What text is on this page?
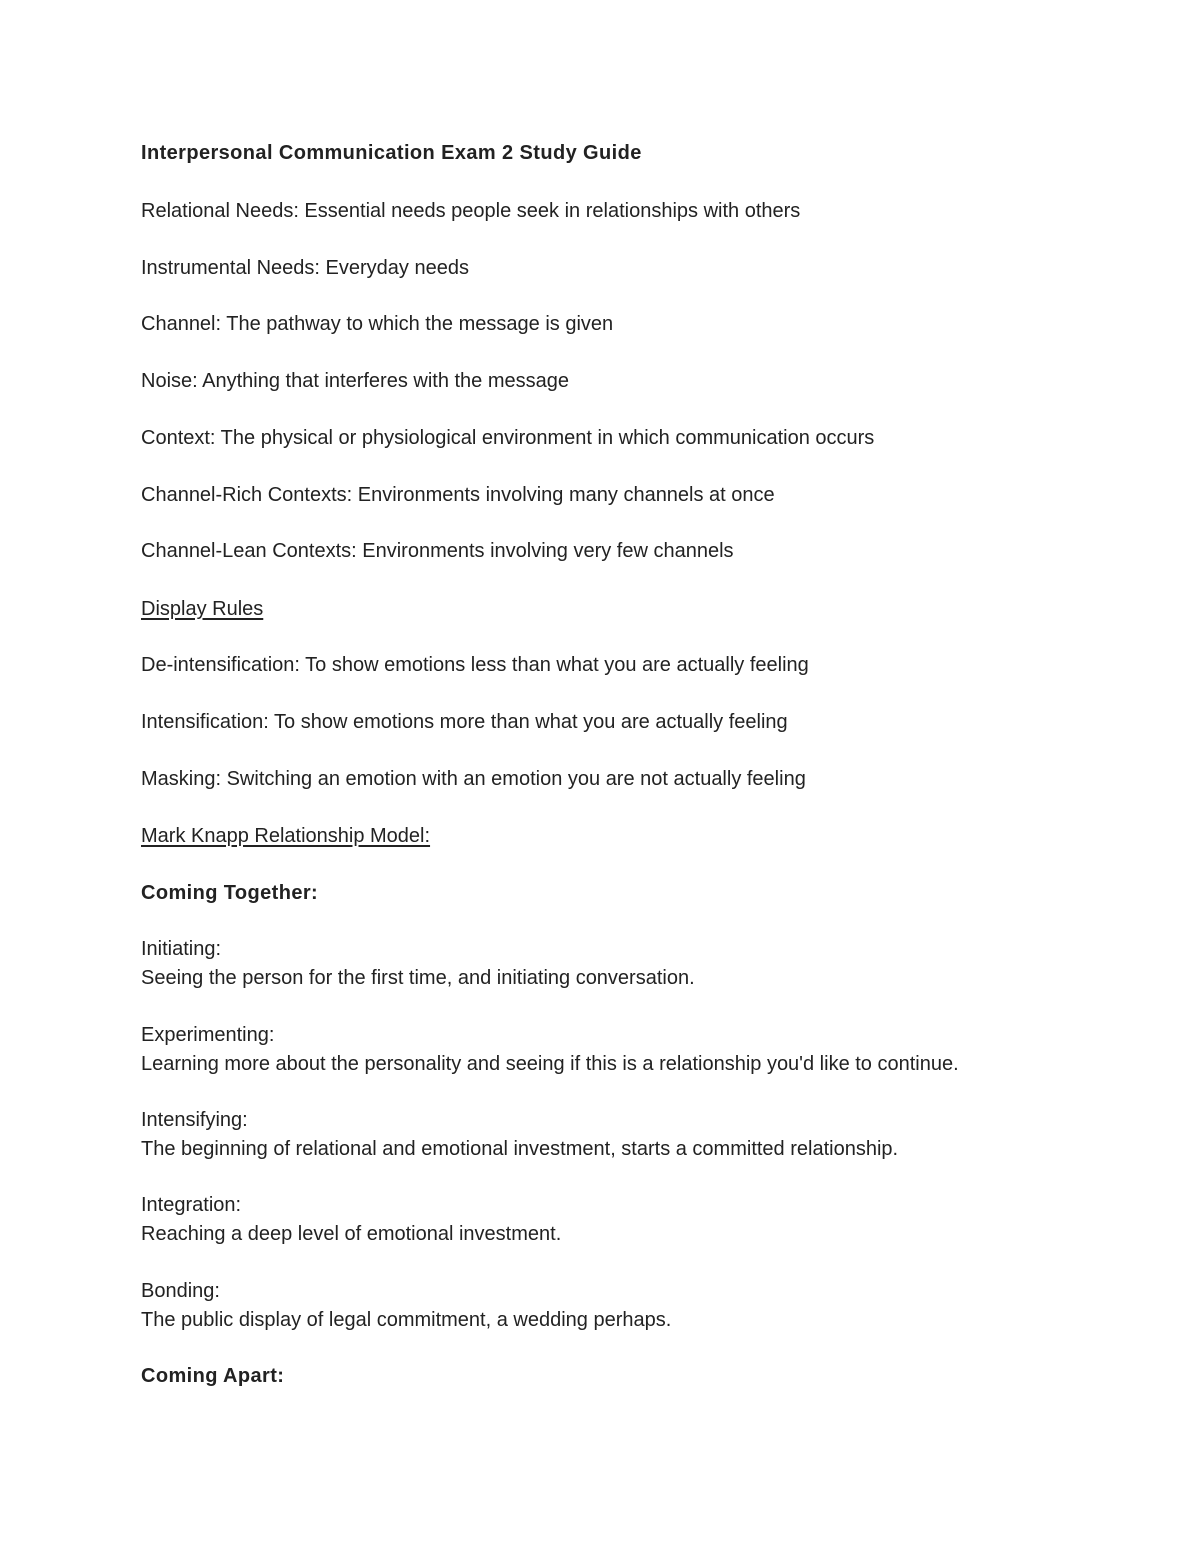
Interpersonal Communication Exam 2 Study Guide

Relational Needs: Essential needs people seek in relationships with others

Instrumental Needs: Everyday needs

Channel: The pathway to which the message is given

Noise: Anything that interferes with the message

Context: The physical or physiological environment in which communication occurs

Channel-Rich Contexts: Environments involving many channels at once

Channel-Lean Contexts: Environments involving very few channels

Display Rules

De-intensification: To show emotions less than what you are actually feeling

Intensification: To show emotions more than what you are actually feeling

Masking: Switching an emotion with an emotion you are not actually feeling

Mark Knapp Relationship Model:

Coming Together:

Initiating:

Seeing the person for the first time, and initiating conversation.

Experimenting:

Learning more about the personality and seeing if this is a relationship you'd like to continue.

Intensifying:

The beginning of relational and emotional investment, starts a committed relationship.

Integration:

Reaching a deep level of emotional investment.

Bonding:

The public display of legal commitment, a wedding perhaps.

Coming Apart:
